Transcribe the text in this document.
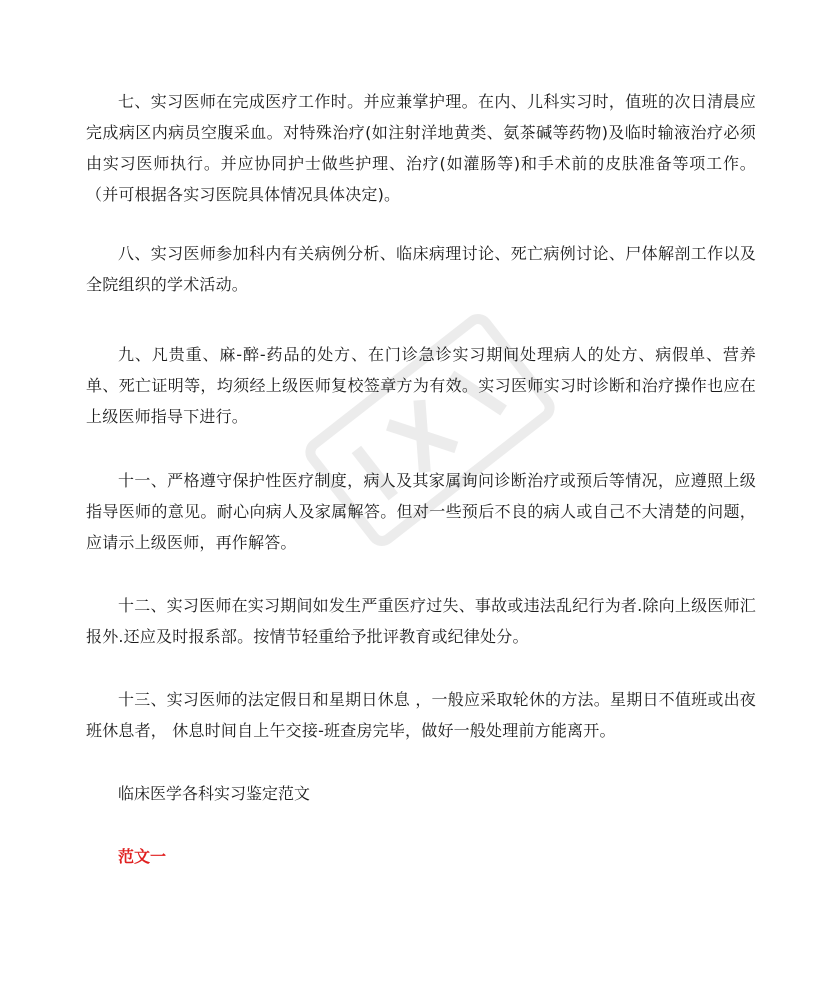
七、实习医师在完成医疗工作时。并应兼掌护理。在内、儿科实习时，值班的次日清晨应完成病区内病员空腹采血。对特殊治疗(如注射洋地黄类、氨茶碱等药物)及临时输液治疗必须由实习医师执行。并应协同护士做些护理、治疗(如灌肠等)和手术前的皮肤准备等项工作。 （并可根据各实习医院具体情况具体决定)。

八、实习医师参加科内有关病例分析、临床病理讨论、死亡病例讨论、尸体解剖工作以及全院组织的学术活动。

九、凡贵重、麻-醉-药品的处方、在门诊急诊实习期间处理病人的处方、病假单、营养单、死亡证明等，均须经上级医师复校签章方为有效。实习医师实习时诊断和治疗操作也应在上级医师指导下进行。

十一、严格遵守保护性医疗制度，病人及其家属询问诊断治疗或预后等情况，应遵照上级指导医师的意见。耐心向病人及家属解答。但对一些预后不良的病人或自己不大清楚的问题，应请示上级医师，再作解答。

十二、实习医师在实习期间如发生严重医疗过失、事故或违法乱纪行为者.除向上级医师汇报外.还应及时报系部。按情节轻重给予批评教育或纪律处分。

十三、实习医师的法定假日和星期日休息 ，一般应采取轮休的方法。星期日不值班或出夜班休息者， 休息时间自上午交接-班查房完毕，做好一般处理前方能离开。

临床医学各科实习鉴定范文

范文一
